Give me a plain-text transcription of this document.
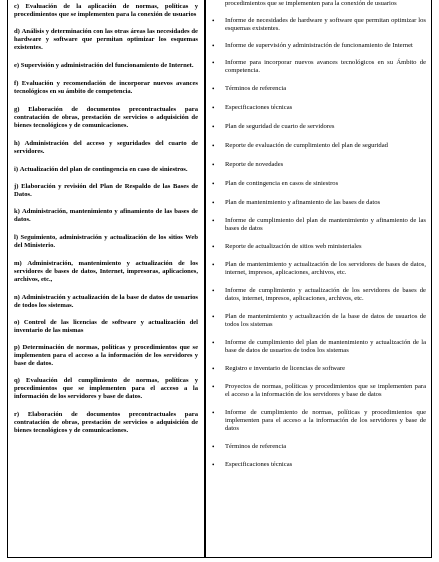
c) Evaluación de la aplicación de normas, políticas y procedimientos que se implementen para la conexión de usuarios

d) Análisis y determinación con las otras áreas las necesidades de hardware y software que permitan optimizar los esquemas existentes.

e) Supervisión y administración del funcionamiento de Internet.

f) Evaluación y recomendación de incorporar nuevos avances tecnológicos en su ámbito de competencia.

g) Elaboración de documentos precontractuales para contratación de obras, prestación de servicios o adquisición de bienes tecnológicos y de comunicaciones.

h) Administración del acceso y seguridades del cuarto de servidores.

i) Actualización del plan de contingencia en caso de siniestros.

j) Elaboración y revisión del Plan de Respaldo de las Bases de Datos.

k) Administración, mantenimiento y afinamiento de las bases de datos.

l) Seguimiento, administración y actualización de los sitios Web del Ministerio.

m) Administración, mantenimiento y actualización de los servidores de bases de datos, Internet, impresoras, aplicaciones, archivos, etc.,

n) Administración y actualización de la base de datos de usuarios de todos los sistemas.

o) Control de las licencias de software y actualización del inventario de las mismas

p) Determinación de normas, políticas y procedimientos que se implementen para el acceso a la información de los servidores y base de datos.

q) Evaluación del cumplimiento de normas, políticas y procedimientos que se implementen para el acceso a la información de los servidores y base de datos.

r) Elaboración de documentos precontractuales para contratación de obras, prestación de servicios o adquisición de bienes tecnológicos y de comunicaciones.

procedimientos que se implementen para la conexión de usuarios

• Informe de necesidades de hardware y software que permitan optimizar los esquemas existentes.
• Informe de supervisión y administración de funcionamiento de Internet
• Informe para incorporar nuevos avances tecnológicos en su Ámbito de competencia.
• Términos de referencia
• Especificaciones técnicas
• Plan de seguridad de cuarto de servidores
• Reporte de evaluación de cumplimiento del plan de seguridad
• Reporte de novedades
• Plan de contingencia en casos de siniestros
• Plan de mantenimiento y afinamiento de las bases de datos
• Informe de cumplimiento del plan de mantenimiento y afinamiento de las bases de datos
• Reporte de actualización de sitios web ministeriales
• Plan de mantenimiento y actualización de los servidores de bases de datos, internet, impresos, aplicaciones, archivos, etc.
• Informe de cumplimiento y actualización de los servidores de bases de datos, internet, impresos, aplicaciones, archivos, etc.
• Plan de mantenimiento y actualización de la base de datos de usuarios de todos los sistemas
• Informe de cumplimiento del plan de mantenimiento y actualización de la base de datos de usuarios de todos los sistemas
• Registro e inventario de licencias de software
• Proyectos de normas, políticas y procedimientos que se implementen para el acceso a la información de los servidores y base de datos
• Informe de cumplimiento de normas, políticas y procedimientos que implementen para el acceso a la información de los servidores y base de datos
• Términos de referencia
• Especificaciones técnicas
